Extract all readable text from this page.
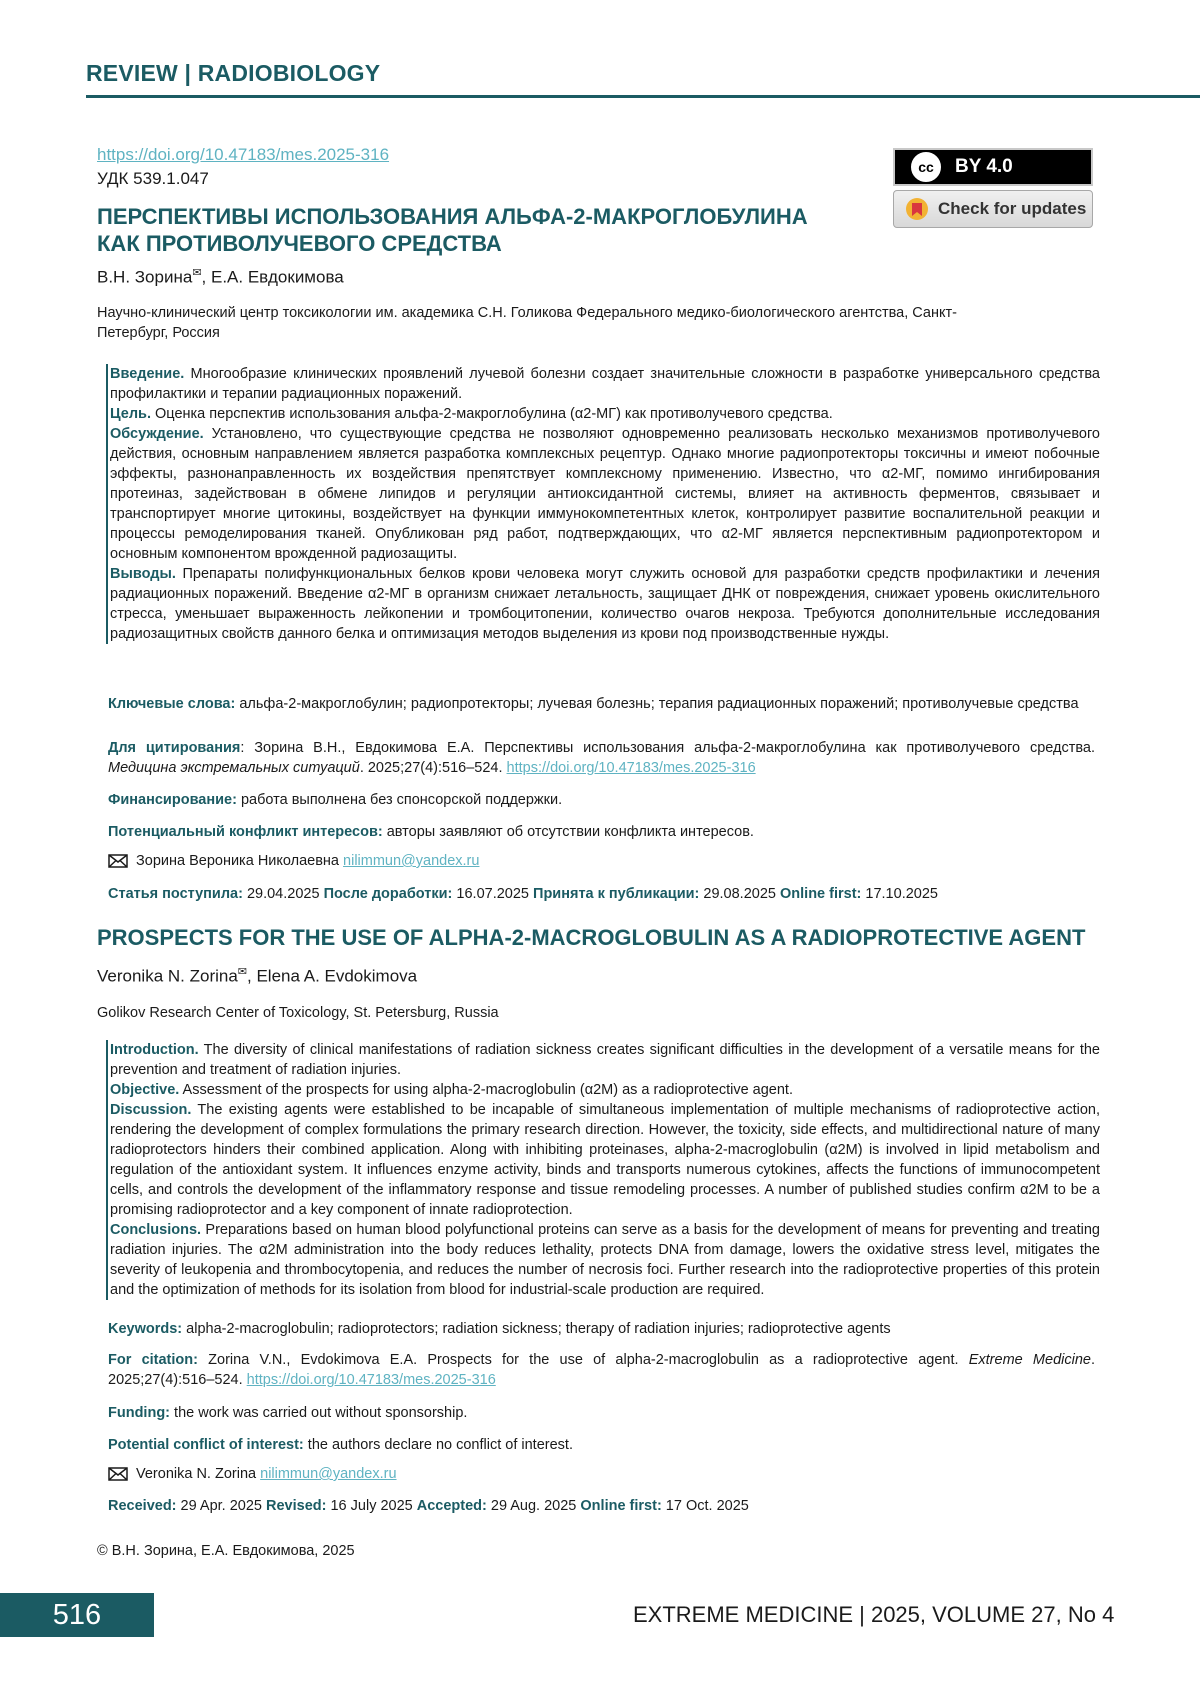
REVIEW | RADIOBIOLOGY
https://doi.org/10.47183/mes.2025-316
УДК 539.1.047
cc	BY 4.0
Check for updates
ПЕРСПЕКТИВЫ ИСПОЛЬЗОВАНИЯ АЛЬФА-2-МАКРОГЛОБУЛИНА
КАК ПРОТИВОЛУЧЕВОГО СРЕДСТВА
В.Н. Зорина✉, Е.А. Евдокимова
Научно-клинический центр токсикологии им. академика С.Н. Голикова Федерального медико-биологического агентства, Санкт-Петербург, Россия

Введение. Многообразие клинических проявлений лучевой болезни создает значительные сложности в разработке универсального средства профилактики и терапии радиационных поражений.

Цель. Оценка перспектив использования альфа-2-макроглобулина (α2-МГ) как противолучевого средства.

Обсуждение. Установлено, что существующие средства не позволяют одновременно реализовать несколько механизмов противолучевого действия, основным направлением является разработка комплексных рецептур. Однако многие радиопротекторы токсичны и имеют побочные эффекты, разнонаправленность их воздействия препятствует комплексному применению. Известно, что α2-МГ, помимо ингибирования протеиназ, задействован в обмене липидов и регуляции антиоксидантной системы, влияет на активность ферментов, связывает и транспортирует многие цитокины, воздействует на функции иммунокомпетентных клеток, контролирует развитие воспалительной реакции и процессы ремоделирования тканей. Опубликован ряд работ, подтверждающих, что α2-МГ является перспективным радиопротектором и основным компонентом врожденной радиозащиты.

Выводы. Препараты полифункциональных белков крови человека могут служить основой для разработки средств профилактики и лечения радиационных поражений. Введение α2-МГ в организм снижает летальность, защищает ДНК от повреждения, снижает уровень окислительного стресса, уменьшает выраженность лейкопении и тромбоцитопении, количество очагов некроза. Требуются дополнительные исследования радиозащитных свойств данного белка и оптимизация методов выделения из крови под производственные нужды.

Ключевые слова: альфа-2-макроглобулин; радиопротекторы; лучевая болезнь; терапия радиационных поражений; противолучевые средства
Для цитирования: Зорина В.Н., Евдокимова Е.А. Перспективы использования альфа-2-макроглобулина как противолучевого средства. Медицина экстремальных ситуаций. 2025;27(4):516–524. https://doi.org/10.47183/mes.2025-316
Финансирование: работа выполнена без спонсорской поддержки.
Потенциальный конфликт интересов: авторы заявляют об отсутствии конфликта интересов.
Зорина Вероника Николаевна nilimmun@yandex.ru
Статья поступила: 29.04.2025 После доработки: 16.07.2025 Принята к публикации: 29.08.2025 Online first: 17.10.2025
PROSPECTS FOR THE USE OF ALPHA-2-MACROGLOBULIN AS A RADIOPROTECTIVE AGENT
Veronika N. Zorina✉, Elena A. Evdokimova
Golikov Research Center of Toxicology, St. Petersburg, Russia

Introduction. The diversity of clinical manifestations of radiation sickness creates significant difficulties in the development of a versatile means for the prevention and treatment of radiation injuries.

Objective. Assessment of the prospects for using alpha-2-macroglobulin (α2M) as a radioprotective agent.

Discussion. The existing agents were established to be incapable of simultaneous implementation of multiple mechanisms of radioprotective action, rendering the development of complex formulations the primary research direction. However, the toxicity, side effects, and multidirectional nature of many radioprotectors hinders their combined application. Along with inhibiting proteinases, alpha-2-macroglobulin (α2M) is involved in lipid metabolism and regulation of the antioxidant system. It influences enzyme activity, binds and transports numerous cytokines, affects the functions of immunocompetent cells, and controls the development of the inflammatory response and tissue remodeling processes. A number of published studies confirm α2M to be a promising radioprotector and a key component of innate radioprotection.

Conclusions. Preparations based on human blood polyfunctional proteins can serve as a basis for the development of means for preventing and treating radiation injuries. The α2M administration into the body reduces lethality, protects DNA from damage, lowers the oxidative stress level, mitigates the severity of leukopenia and thrombocytopenia, and reduces the number of necrosis foci. Further research into the radioprotective properties of this protein and the optimization of methods for its isolation from blood for industrial-scale production are required.

Keywords: alpha-2-macroglobulin; radioprotectors; radiation sickness; therapy of radiation injuries; radioprotective agents
For citation: Zorina V.N., Evdokimova E.A. Prospects for the use of alpha-2-macroglobulin as a radioprotective agent. Extreme Medicine. 2025;27(4):516–524. https://doi.org/10.47183/mes.2025-316
Funding: the work was carried out without sponsorship.
Potential conflict of interest: the authors declare no conflict of interest.
Veronika N. Zorina nilimmun@yandex.ru
Received: 29 Apr. 2025 Revised: 16 July 2025 Accepted: 29 Aug. 2025 Online first: 17 Oct. 2025
© В.Н. Зорина, Е.А. Евдокимова, 2025
516	EXTREME MEDICINE | 2025, VOLUME 27, No 4
